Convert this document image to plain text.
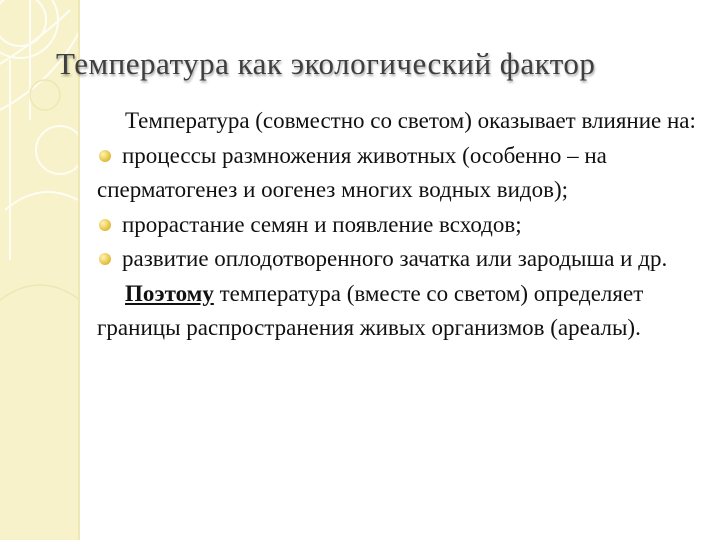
Температура как экологический фактор

Температура (совместно со светом) оказывает влияние на:

процессы размножения животных (особенно – на сперматогенез и оогенез многих водных видов);

прорастание семян и появление всходов;

развитие оплодотворенного зачатка или зародыша и др.

Поэтому температура (вместе со светом) определяет границы распространения живых организмов (ареалы).
